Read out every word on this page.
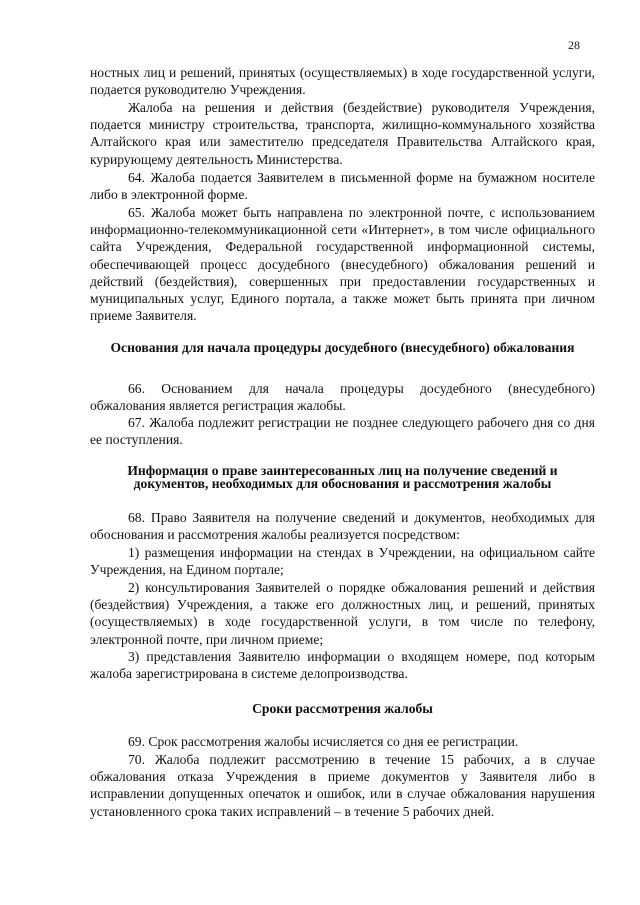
28

ностных лиц и решений, принятых (осуществляемых) в ходе государственной услуги, подается руководителю Учреждения.

Жалоба на решения и действия (бездействие) руководителя Учреждения, подается министру строительства, транспорта, жилищно-коммунального хозяйства Алтайского края или заместителю председателя Правительства Алтайского края, курирующему деятельность Министерства.

64. Жалоба подается Заявителем в письменной форме на бумажном носителе либо в электронной форме.

65. Жалоба может быть направлена по электронной почте, с использованием информационно-телекоммуникационной сети «Интернет», в том числе официального сайта Учреждения, Федеральной государственной информационной системы, обеспечивающей процесс досудебного (внесудебного) обжалования решений и действий (бездействия), совершенных при предоставлении государственных и муниципальных услуг, Единого портала, а также может быть принята при личном приеме Заявителя.

Основания для начала процедуры досудебного (внесудебного) обжалования

66. Основанием для начала процедуры досудебного (внесудебного) обжалования является регистрация жалобы.

67. Жалоба подлежит регистрации не позднее следующего рабочего дня со дня ее поступления.

Информация о праве заинтересованных лиц на получение сведений и документов, необходимых для обоснования и рассмотрения жалобы

68. Право Заявителя на получение сведений и документов, необходимых для обоснования и рассмотрения жалобы реализуется посредством:

1) размещения информации на стендах в Учреждении, на официальном сайте Учреждения, на Едином портале;

2) консультирования Заявителей о порядке обжалования решений и действия (бездействия) Учреждения, а также его должностных лиц, и решений, принятых (осуществляемых) в ходе государственной услуги, в том числе по телефону, электронной почте, при личном приеме;

3) представления Заявителю информации о входящем номере, под которым жалоба зарегистрирована в системе делопроизводства.

Сроки рассмотрения жалобы

69. Срок рассмотрения жалобы исчисляется со дня ее регистрации.

70. Жалоба подлежит рассмотрению в течение 15 рабочих, а в случае обжалования отказа Учреждения в приеме документов у Заявителя либо в исправлении допущенных опечаток и ошибок, или в случае обжалования нарушения установленного срока таких исправлений – в течение 5 рабочих дней.
